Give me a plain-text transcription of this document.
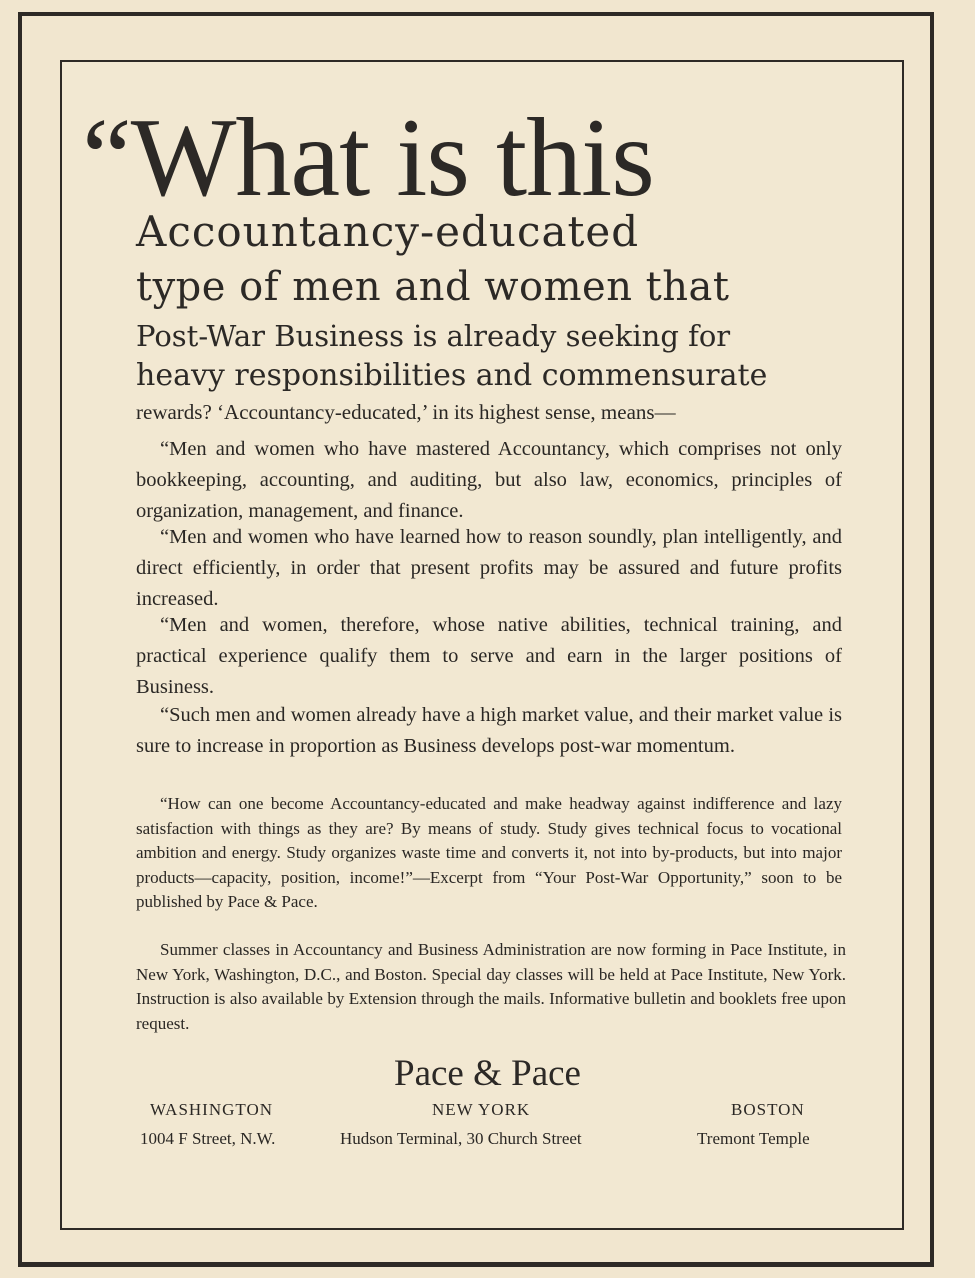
“What is this
Accountancy-educated
type of men and women that
Post-War Business is already seeking for
heavy responsibilities and commensurate
rewards? ‘Accountancy-educated,’ in its highest sense, means—
“Men and women who have mastered Accountancy, which comprises not only bookkeeping, accounting, and auditing, but also law, economics, principles of organization, management, and finance.
“Men and women who have learned how to reason soundly, plan intelligently, and direct efficiently, in order that present profits may be assured and future profits increased.
“Men and women, therefore, whose native abilities, technical training, and practical experience qualify them to serve and earn in the larger positions of Business.
“Such men and women already have a high market value, and their market value is sure to increase in proportion as Business develops post-war momentum.
“How can one become Accountancy-educated and make headway against indifference and lazy satisfaction with things as they are? By means of study. Study gives technical focus to vocational ambition and energy. Study organizes waste time and converts it, not into by-products, but into major products—capacity, position, income!”—Excerpt from “Your Post-War Opportunity,” soon to be published by Pace & Pace.
Summer classes in Accountancy and Business Administration are now forming in Pace Institute, in New York, Washington, D.C., and Boston. Special day classes will be held at Pace Institute, New York. Instruction is also available by Extension through the mails. Informative bulletin and booklets free upon request.
Pace & Pace
WASHINGTON
1004 F Street, N.W.
NEW YORK
Hudson Terminal, 30 Church Street
BOSTON
Tremont Temple
